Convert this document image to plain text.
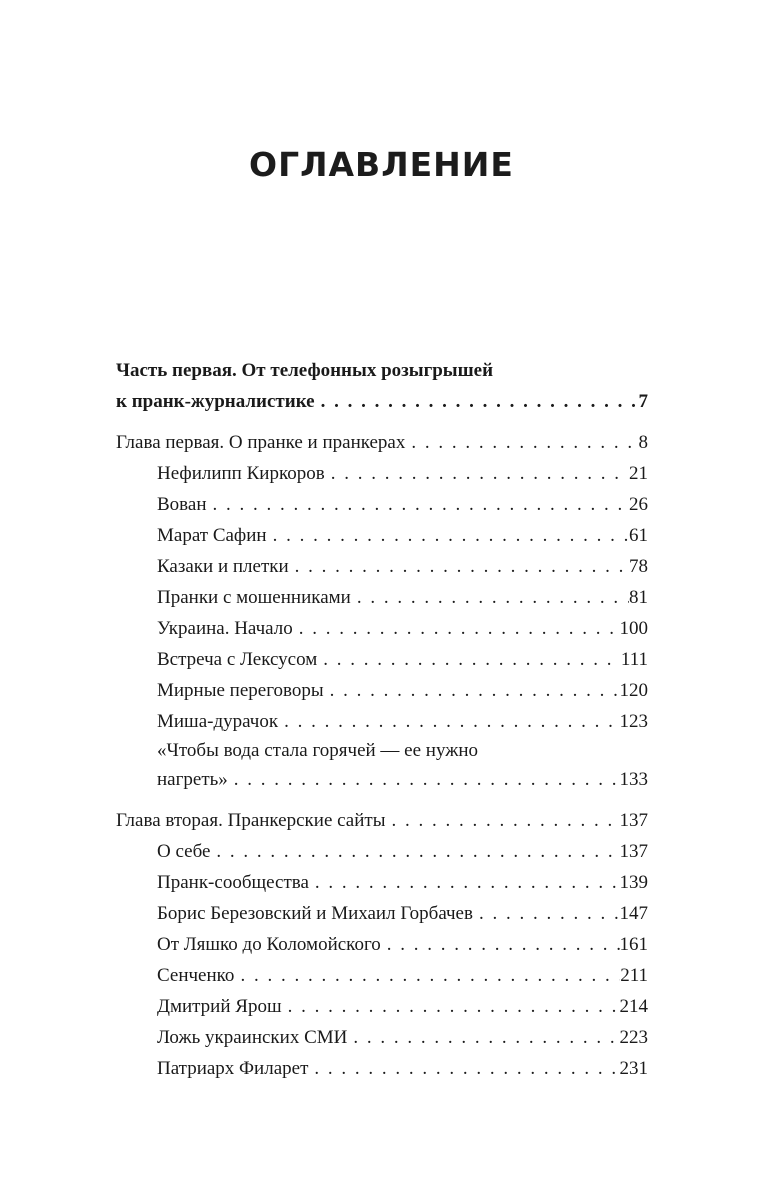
ОГЛАВЛЕНИЕ
Часть первая. От телефонных розыгрышей
к пранк-журналистике . . .	7
Глава первая. О пранке и пранкерах . . .	8
Нефилипп Киркоров . . .	21
Вован . . .	26
Марат Сафин . . .	61
Казаки и плетки . . .	78
Пранки с мошенниками . . .	81
Украина. Начало . . .	100
Встреча с Лексусом . . .	111
Мирные переговоры . . .	120
Миша-дурачок . . .	123
«Чтобы вода стала горячей — ее нужно
нагреть» . . .	133
Глава вторая. Пранкерские сайты . . .	137
О себе . . .	137
Пранк-сообщества . . .	139
Борис Березовский и Михаил Горбачев . . .	147
От Ляшко до Коломойского . . .	161
Сенченко . . .	211
Дмитрий Ярош . . .	214
Ложь украинских СМИ . . .	223
Патриарх Филарет . . .	231
